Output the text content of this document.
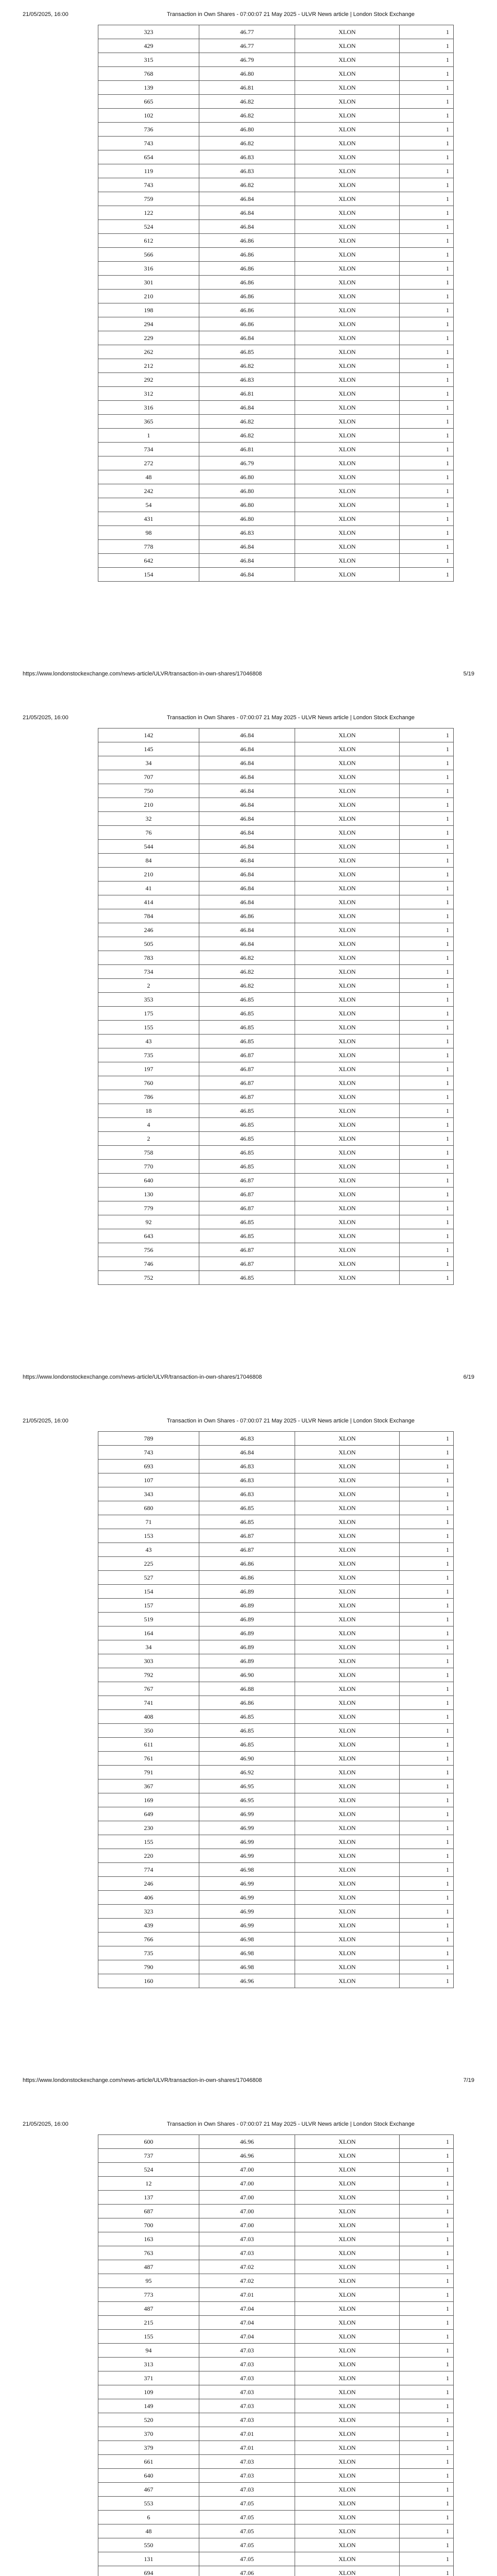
21/05/2025, 16:00	Transaction in Own Shares - 07:00:07 21 May 2025 - ULVR News article | London Stock Exchange
323	46.77	XLON	1
429	46.77	XLON	1
315	46.79	XLON	1
768	46.80	XLON	1
139	46.81	XLON	1
665	46.82	XLON	1
102	46.82	XLON	1
736	46.80	XLON	1
743	46.82	XLON	1
654	46.83	XLON	1
119	46.83	XLON	1
743	46.82	XLON	1
759	46.84	XLON	1
122	46.84	XLON	1
524	46.84	XLON	1
612	46.86	XLON	1
566	46.86	XLON	1
316	46.86	XLON	1
301	46.86	XLON	1
210	46.86	XLON	1
198	46.86	XLON	1
294	46.86	XLON	1
229	46.84	XLON	1
262	46.85	XLON	1
212	46.82	XLON	1
292	46.83	XLON	1
312	46.81	XLON	1
316	46.84	XLON	1
365	46.82	XLON	1
1	46.82	XLON	1
734	46.81	XLON	1
272	46.79	XLON	1
48	46.80	XLON	1
242	46.80	XLON	1
54	46.80	XLON	1
431	46.80	XLON	1
98	46.83	XLON	1
778	46.84	XLON	1
642	46.84	XLON	1
154	46.84	XLON	1
https://www.londonstockexchange.com/news-article/ULVR/transaction-in-own-shares/17046808	5/19
21/05/2025, 16:00	Transaction in Own Shares - 07:00:07 21 May 2025 - ULVR News article | London Stock Exchange
142	46.84	XLON	1
145	46.84	XLON	1
34	46.84	XLON	1
707	46.84	XLON	1
750	46.84	XLON	1
210	46.84	XLON	1
32	46.84	XLON	1
76	46.84	XLON	1
544	46.84	XLON	1
84	46.84	XLON	1
210	46.84	XLON	1
41	46.84	XLON	1
414	46.84	XLON	1
784	46.86	XLON	1
246	46.84	XLON	1
505	46.84	XLON	1
783	46.82	XLON	1
734	46.82	XLON	1
2	46.82	XLON	1
353	46.85	XLON	1
175	46.85	XLON	1
155	46.85	XLON	1
43	46.85	XLON	1
735	46.87	XLON	1
197	46.87	XLON	1
760	46.87	XLON	1
786	46.87	XLON	1
18	46.85	XLON	1
4	46.85	XLON	1
2	46.85	XLON	1
758	46.85	XLON	1
770	46.85	XLON	1
640	46.87	XLON	1
130	46.87	XLON	1
779	46.87	XLON	1
92	46.85	XLON	1
643	46.85	XLON	1
756	46.87	XLON	1
746	46.87	XLON	1
752	46.85	XLON	1
https://www.londonstockexchange.com/news-article/ULVR/transaction-in-own-shares/17046808	6/19
21/05/2025, 16:00	Transaction in Own Shares - 07:00:07 21 May 2025 - ULVR News article | London Stock Exchange
789	46.83	XLON	1
743	46.84	XLON	1
693	46.83	XLON	1
107	46.83	XLON	1
343	46.83	XLON	1
680	46.85	XLON	1
71	46.85	XLON	1
153	46.87	XLON	1
43	46.87	XLON	1
225	46.86	XLON	1
527	46.86	XLON	1
154	46.89	XLON	1
157	46.89	XLON	1
519	46.89	XLON	1
164	46.89	XLON	1
34	46.89	XLON	1
303	46.89	XLON	1
792	46.90	XLON	1
767	46.88	XLON	1
741	46.86	XLON	1
408	46.85	XLON	1
350	46.85	XLON	1
611	46.85	XLON	1
761	46.90	XLON	1
791	46.92	XLON	1
367	46.95	XLON	1
169	46.95	XLON	1
649	46.99	XLON	1
230	46.99	XLON	1
155	46.99	XLON	1
220	46.99	XLON	1
774	46.98	XLON	1
246	46.99	XLON	1
406	46.99	XLON	1
323	46.99	XLON	1
439	46.99	XLON	1
766	46.98	XLON	1
735	46.98	XLON	1
790	46.98	XLON	1
160	46.96	XLON	1
https://www.londonstockexchange.com/news-article/ULVR/transaction-in-own-shares/17046808	7/19
21/05/2025, 16:00	Transaction in Own Shares - 07:00:07 21 May 2025 - ULVR News article | London Stock Exchange
600	46.96	XLON	1
737	46.96	XLON	1
524	47.00	XLON	1
12	47.00	XLON	1
137	47.00	XLON	1
687	47.00	XLON	1
700	47.00	XLON	1
163	47.03	XLON	1
763	47.03	XLON	1
487	47.02	XLON	1
95	47.02	XLON	1
773	47.01	XLON	1
487	47.04	XLON	1
215	47.04	XLON	1
155	47.04	XLON	1
94	47.03	XLON	1
313	47.03	XLON	1
371	47.03	XLON	1
109	47.03	XLON	1
149	47.03	XLON	1
520	47.03	XLON	1
370	47.01	XLON	1
379	47.01	XLON	1
661	47.03	XLON	1
640	47.03	XLON	1
467	47.03	XLON	1
553	47.05	XLON	1
6	47.05	XLON	1
48	47.05	XLON	1
550	47.05	XLON	1
131	47.05	XLON	1
694	47.06	XLON	1
